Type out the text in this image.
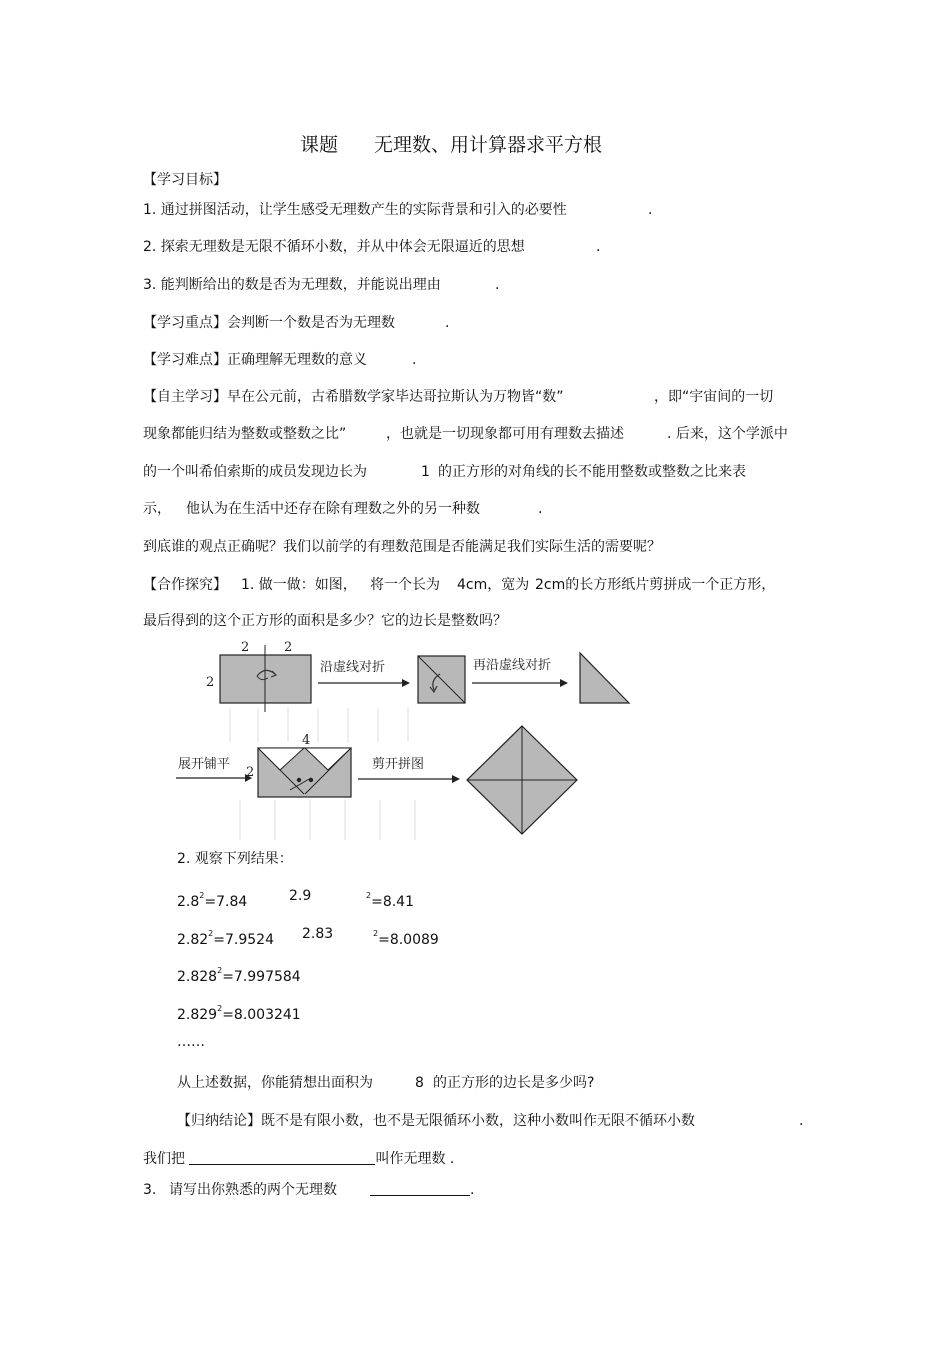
课题 无理数、用计算器求平方根
【学习目标】
1. 通过拼图活动，让学生感受无理数产生的实际背景和引入的必要性	.
2. 探索无理数是无限不循环小数，并从中体会无限逼近的思想	.
3. 能判断给出的数是否为无理数，并能说出理由	.
【学习重点】会判断一个数是否为无理数	.
【学习难点】正确理解无理数的意义	.
【自主学习】早在公元前，古希腊数学家毕达哥拉斯认为万物皆“数”	，即“宇宙间的一切
现象都能归结为整数或整数之比”	，也就是一切现象都可用有理数去描述	. 后来，这个学派中
的一个叫希伯索斯的成员发现边长为	1 的正方形的对角线的长不能用整数或整数之比来表
示， 他认为在生活中还存在除有理数之外的另一种数	.
到底谁的观点正确呢？我们以前学的有理数范围是否能满足我们实际生活的需要呢？
【合作探究】 1. 做一做：如图， 将一个长为 4cm，宽为 2cm的长方形纸片剪拼成一个正方形，
最后得到的这个正方形的面积是多少？它的边长是整数吗？
2	2
2
沿虚线对折	再沿虚线对折
展开铺平
4
2
剪开拼图
2. 观察下列结果：
$2.8^2=7.84$	2.9	$^2$=8.41
$2.82^2=7.9524$ 2.83	$^2$=8.0089
$2.828^2=7.997584$
$2.829^2=8.003241$
……
从上述数据，你能猜想出面积为	8 的正方形的边长是多少吗?
【归纳结论】既不是有限小数，也不是无限循环小数，这种小数叫作无限不循环小数	.
我们把	叫作无理数 .
3. 请写出你熟悉的两个无理数	.
